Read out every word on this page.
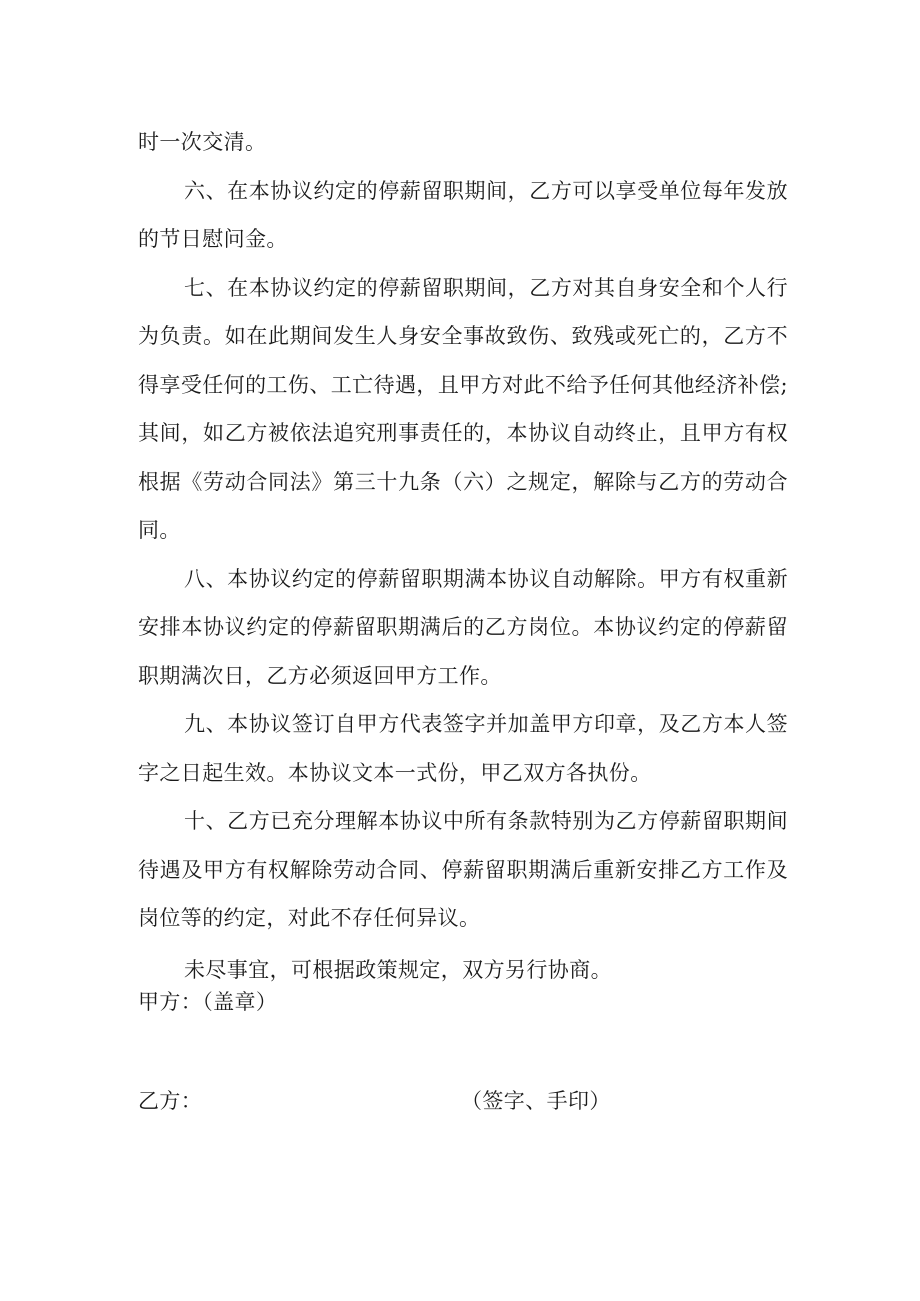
时一次交清。

六、在本协议约定的停薪留职期间，乙方可以享受单位每年发放的节日慰问金。

七、在本协议约定的停薪留职期间，乙方对其自身安全和个人行为负责。如在此期间发生人身安全事故致伤、致残或死亡的，乙方不得享受任何的工伤、工亡待遇，且甲方对此不给予任何其他经济补偿;其间，如乙方被依法追究刑事责任的，本协议自动终止，且甲方有权根据《劳动合同法》第三十九条（六）之规定，解除与乙方的劳动合同。

八、本协议约定的停薪留职期满本协议自动解除。甲方有权重新安排本协议约定的停薪留职期满后的乙方岗位。本协议约定的停薪留职期满次日，乙方必须返回甲方工作。

九、本协议签订自甲方代表签字并加盖甲方印章，及乙方本人签字之日起生效。本协议文本一式份，甲乙双方各执份。

十、乙方已充分理解本协议中所有条款特别为乙方停薪留职期间待遇及甲方有权解除劳动合同、停薪留职期满后重新安排乙方工作及岗位等的约定，对此不存任何异议。

未尽事宜，可根据政策规定，双方另行协商。

甲方：（盖章）

乙方：	（签字、手印）
